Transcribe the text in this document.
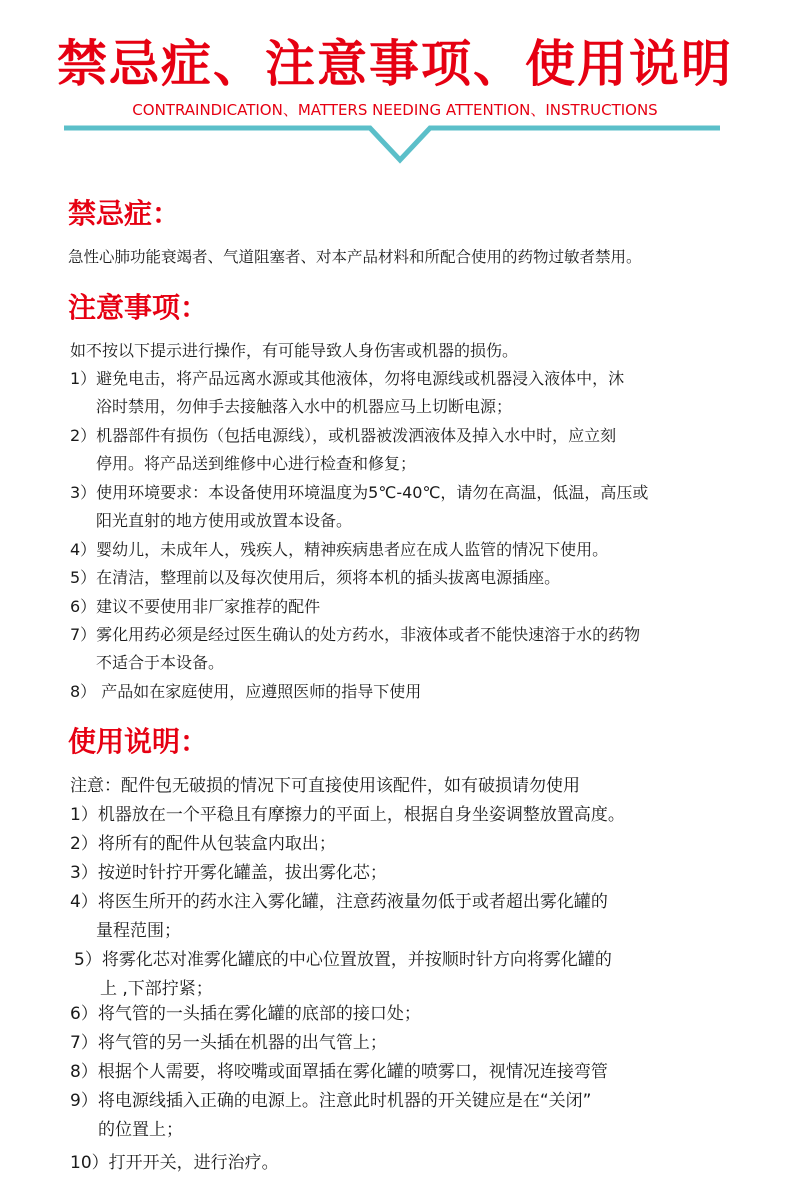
禁忌症、注意事项、使用说明
CONTRAINDICATION、MATTERS NEEDING ATTENTION、INSTRUCTIONS
禁忌症：
急性心肺功能衰竭者、气道阻塞者、对本产品材料和所配合使用的药物过敏者禁用。
注意事项：
如不按以下提示进行操作，有可能导致人身伤害或机器的损伤。
1）避免电击，将产品远离水源或其他液体，勿将电源线或机器浸入液体中，沐
浴时禁用，勿伸手去接触落入水中的机器应马上切断电源；
2）机器部件有损伤（包括电源线），或机器被泼洒液体及掉入水中时，应立刻
停用。将产品送到维修中心进行检查和修复；
3）使用环境要求：本设备使用环境温度为5℃-40℃，请勿在高温，低温，高压或
阳光直射的地方使用或放置本设备。
4）婴幼儿，未成年人，残疾人，精神疾病患者应在成人监管的情况下使用。
5）在清洁，整理前以及每次使用后，须将本机的插头拔离电源插座。
6）建议不要使用非厂家推荐的配件
7）雾化用药必须是经过医生确认的处方药水，非液体或者不能快速溶于水的药物
不适合于本设备。
8） 产品如在家庭使用，应遵照医师的指导下使用
使用说明：
注意：配件包无破损的情况下可直接使用该配件，如有破损请勿使用
1）机器放在一个平稳且有摩擦力的平面上，根据自身坐姿调整放置高度。
2）将所有的配件从包装盒内取出；
3）按逆时针拧开雾化罐盖，拔出雾化芯；
4）将医生所开的药水注入雾化罐，注意药液量勿低于或者超出雾化罐的
量程范围；
5）将雾化芯对准雾化罐底的中心位置放置，并按顺时针方向将雾化罐的
上 ,下部拧紧；
6）将气管的一头插在雾化罐的底部的接口处；
7）将气管的另一头插在机器的出气管上；
8）根据个人需要，将咬嘴或面罩插在雾化罐的喷雾口，视情况连接弯管
9）将电源线插入正确的电源上。注意此时机器的开关键应是在“关闭”
的位置上；
10）打开开关，进行治疗。
